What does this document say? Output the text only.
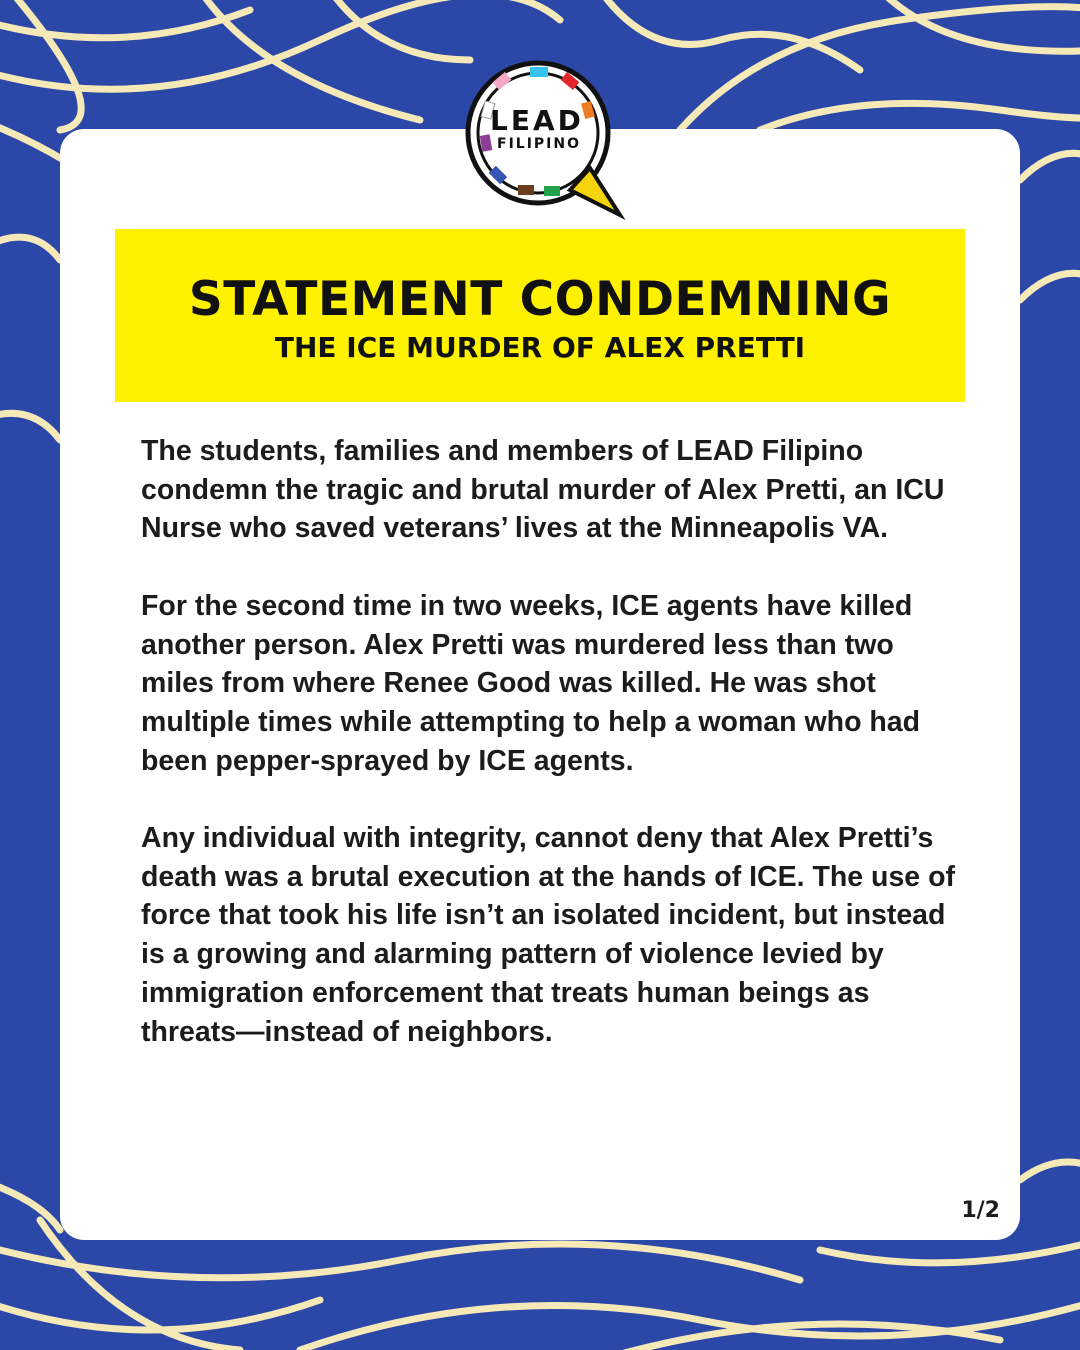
LEAD
FILIPINO
STATEMENT CONDEMNING
THE ICE MURDER OF ALEX PRETTI

The students, families and members of LEAD Filipino condemn the tragic and brutal murder of Alex Pretti, an ICU Nurse who saved veterans’ lives at the Minneapolis VA.

For the second time in two weeks, ICE agents have killed another person. Alex Pretti was murdered less than two miles from where Renee Good was killed. He was shot multiple times while attempting to help a woman who had been pepper-sprayed by ICE agents.

Any individual with integrity, cannot deny that Alex Pretti’s death was a brutal execution at the hands of ICE. The use of force that took his life isn’t an isolated incident, but instead is a growing and alarming pattern of violence levied by immigration enforcement that treats human beings as threats—instead of neighbors.

1/2
